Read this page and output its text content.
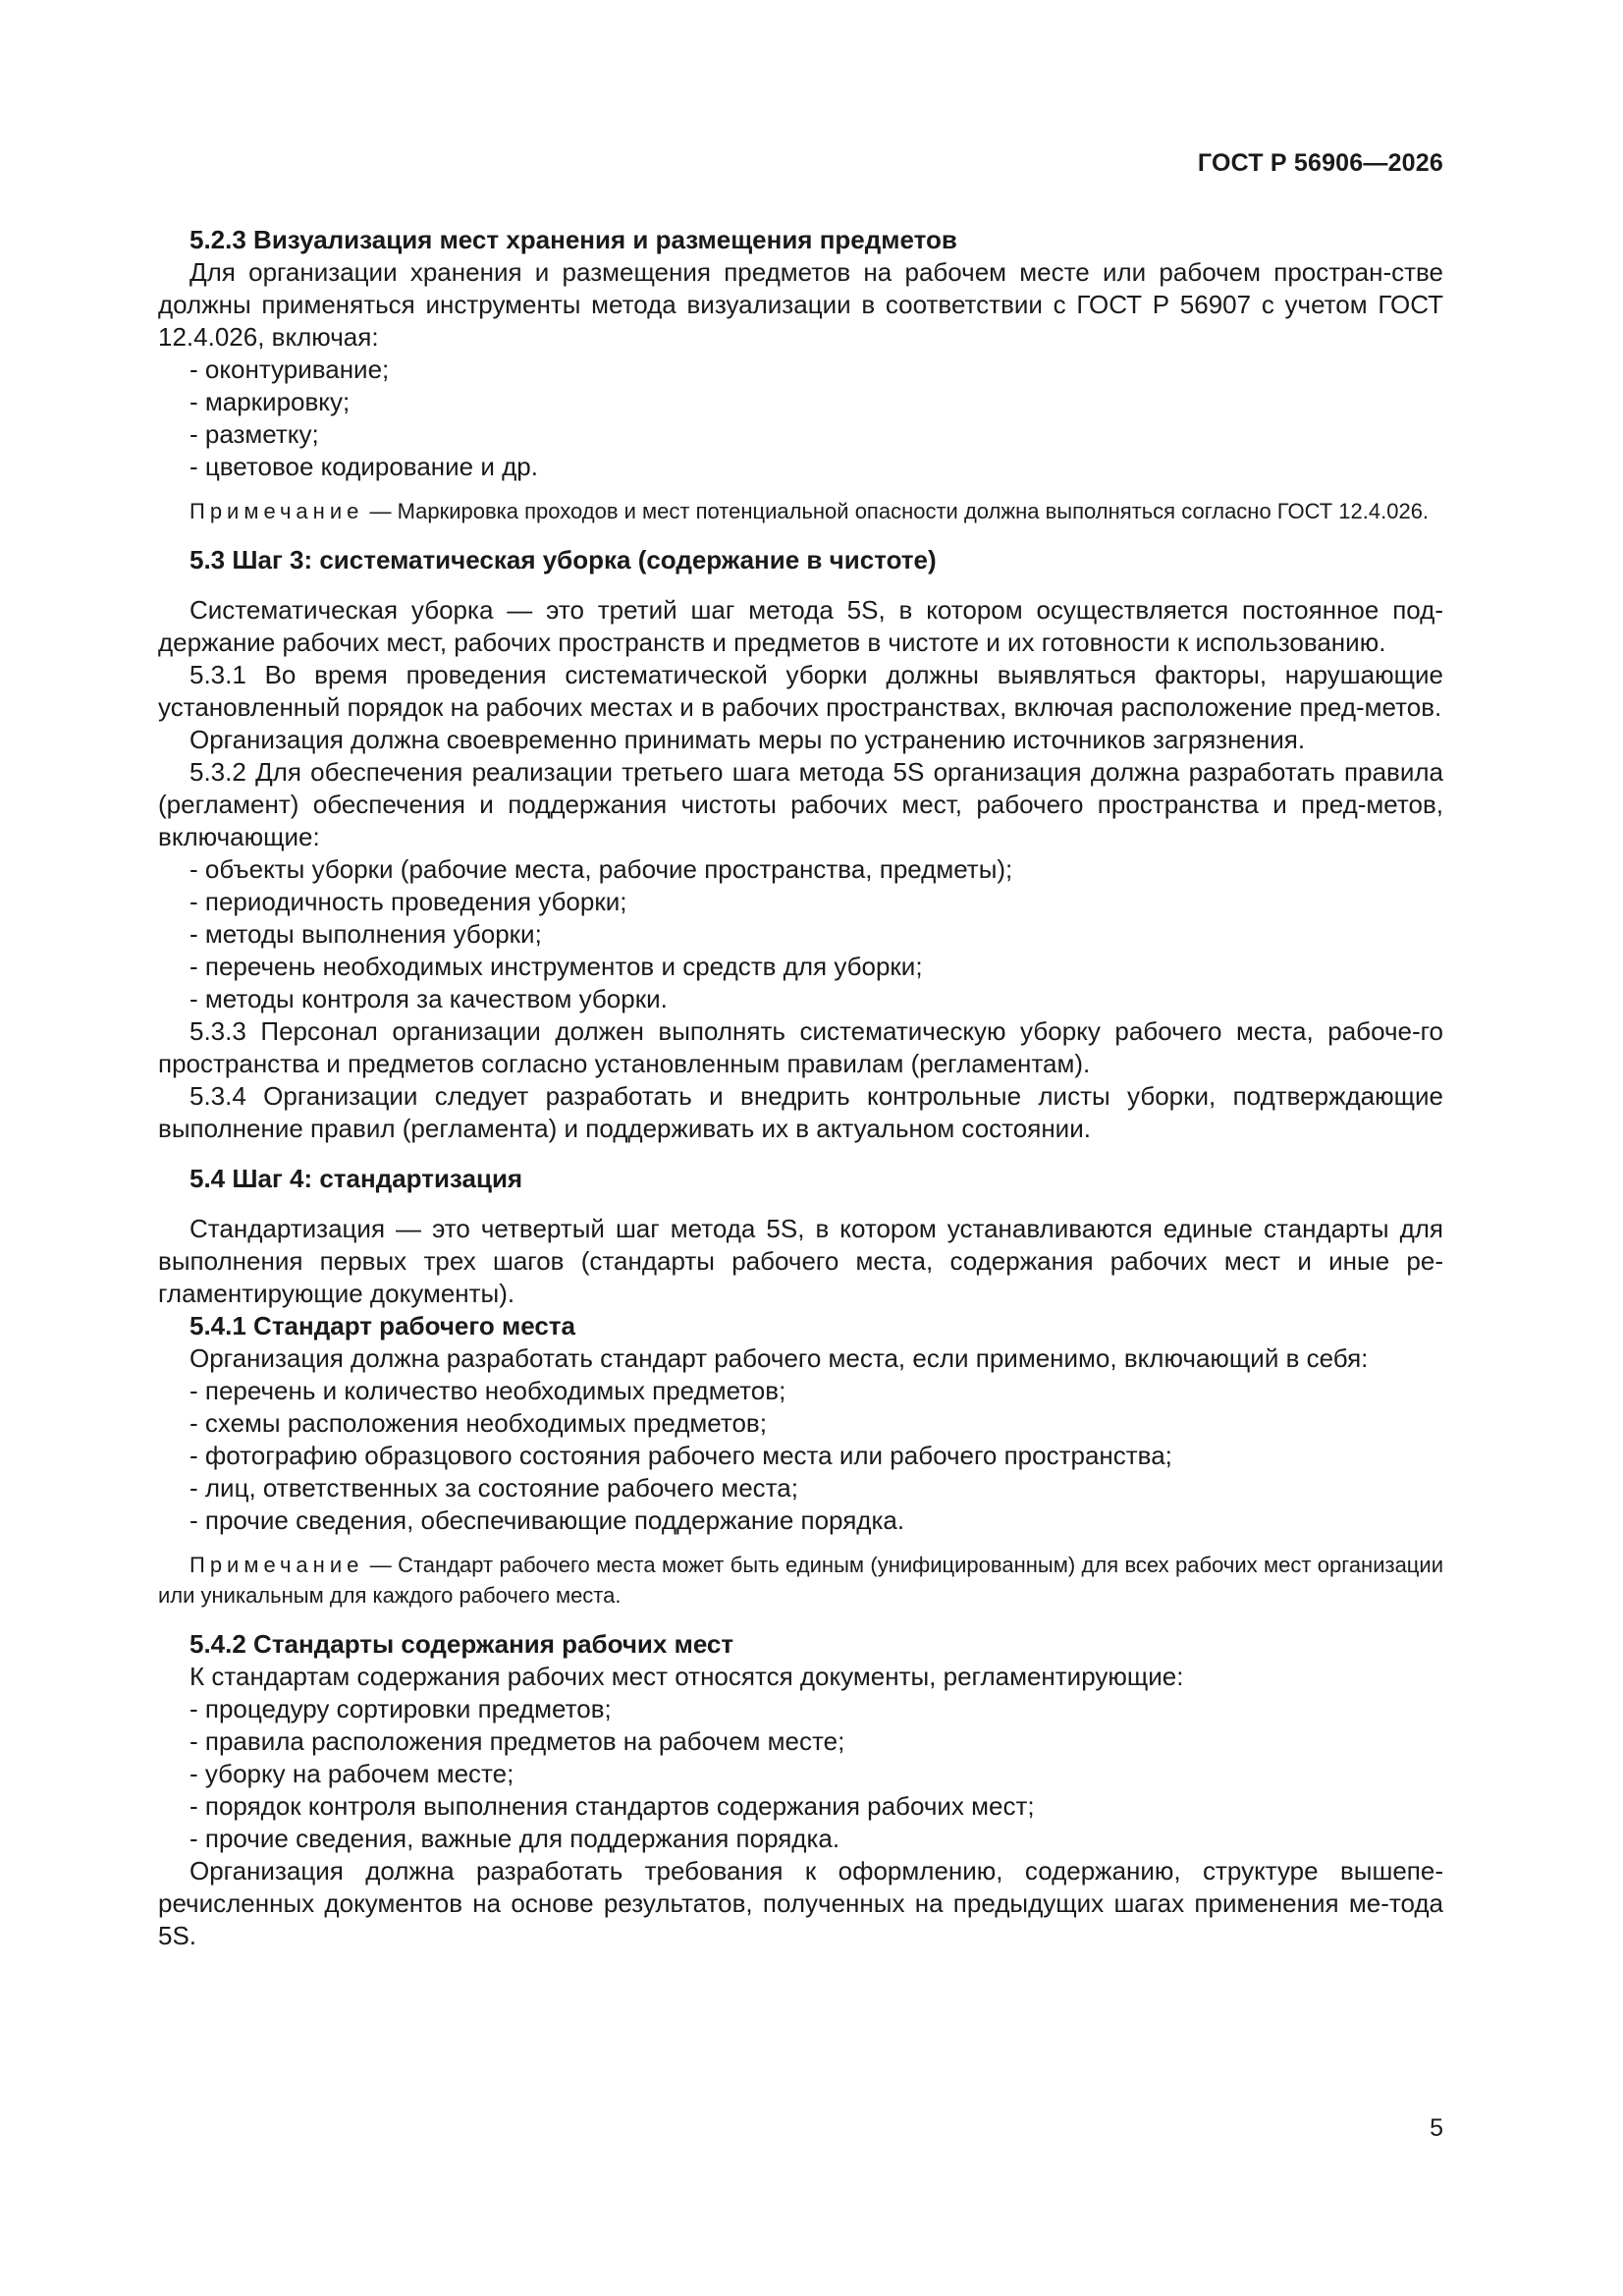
ГОСТ Р 56906—2026

5.2.3 Визуализация мест хранения и размещения предметов

Для организации хранения и размещения предметов на рабочем месте или рабочем простран-стве должны применяться инструменты метода визуализации в соответствии с ГОСТ Р 56907 с учетом ГОСТ 12.4.026, включая:

- оконтуривание;
- маркировку;
- разметку;
- цветовое кодирование и др.

Примечание — Маркировка проходов и мест потенциальной опасности должна выполняться согласно ГОСТ 12.4.026.

5.3 Шаг 3: систематическая уборка (содержание в чистоте)

Систематическая уборка — это третий шаг метода 5S, в котором осуществляется постоянное под-держание рабочих мест, рабочих пространств и предметов в чистоте и их готовности к использованию.

5.3.1 Во время проведения систематической уборки должны выявляться факторы, нарушающие установленный порядок на рабочих местах и в рабочих пространствах, включая расположение пред-метов.

Организация должна своевременно принимать меры по устранению источников загрязнения.

5.3.2 Для обеспечения реализации третьего шага метода 5S организация должна разработать правила (регламент) обеспечения и поддержания чистоты рабочих мест, рабочего пространства и пред-метов, включающие:

- объекты уборки (рабочие места, рабочие пространства, предметы);
- периодичность проведения уборки;
- методы выполнения уборки;
- перечень необходимых инструментов и средств для уборки;
- методы контроля за качеством уборки.

5.3.3 Персонал организации должен выполнять систематическую уборку рабочего места, рабоче-го пространства и предметов согласно установленным правилам (регламентам).

5.3.4 Организации следует разработать и внедрить контрольные листы уборки, подтверждающие выполнение правил (регламента) и поддерживать их в актуальном состоянии.

5.4 Шаг 4: стандартизация

Стандартизация — это четвертый шаг метода 5S, в котором устанавливаются единые стандарты для выполнения первых трех шагов (стандарты рабочего места, содержания рабочих мест и иные ре-гламентирующие документы).

5.4.1 Стандарт рабочего места

Организация должна разработать стандарт рабочего места, если применимо, включающий в себя:

- перечень и количество необходимых предметов;
- схемы расположения необходимых предметов;
- фотографию образцового состояния рабочего места или рабочего пространства;
- лиц, ответственных за состояние рабочего места;
- прочие сведения, обеспечивающие поддержание порядка.

Примечание — Стандарт рабочего места может быть единым (унифицированным) для всех рабочих мест организации или уникальным для каждого рабочего места.

5.4.2 Стандарты содержания рабочих мест

К стандартам содержания рабочих мест относятся документы, регламентирующие:

- процедуру сортировки предметов;
- правила расположения предметов на рабочем месте;
- уборку на рабочем месте;
- порядок контроля выполнения стандартов содержания рабочих мест;
- прочие сведения, важные для поддержания порядка.

Организация должна разработать требования к оформлению, содержанию, структуре вышепе-речисленных документов на основе результатов, полученных на предыдущих шагах применения ме-тода 5S.

5
